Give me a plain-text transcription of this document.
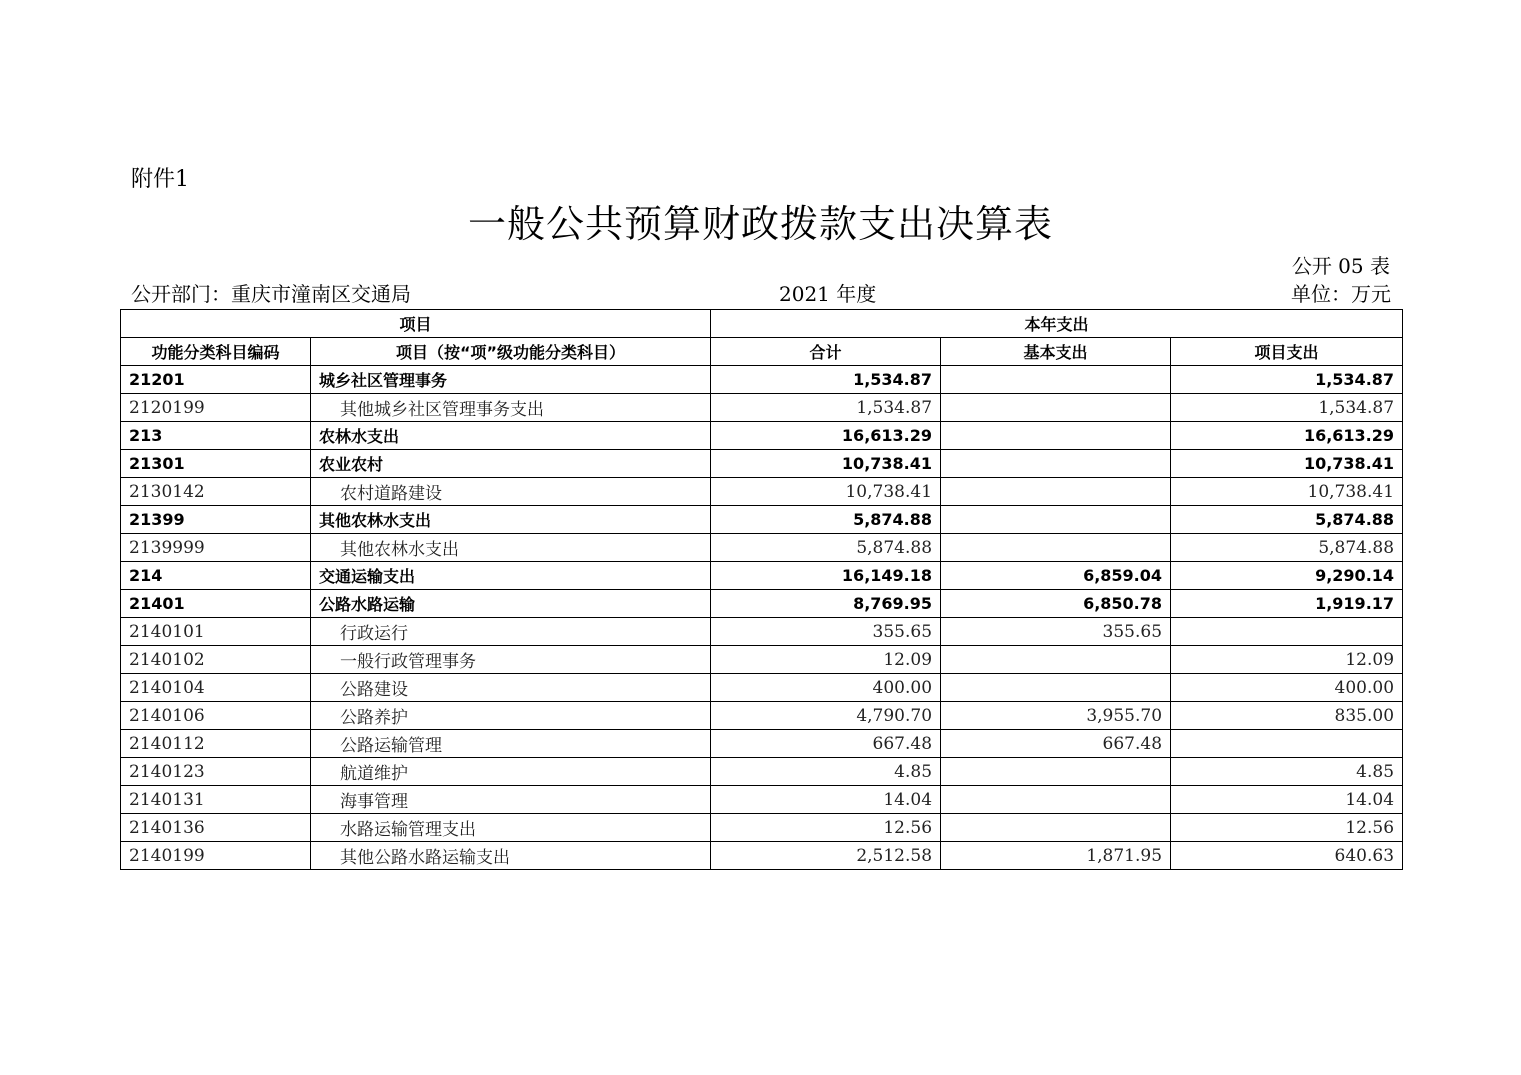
附件1
一般公共预算财政拨款支出决算表
公开 05 表
公开部门：重庆市潼南区交通局	2021 年度	单位：万元
项目		本年支出		
功能分类科目编码	项目（按“项”级功能分类科目）	合计	基本支出	项目支出
21201	城乡社区管理事务	1,534.87		1,534.87
2120199	其他城乡社区管理事务支出	1,534.87		1,534.87
213	农林水支出	16,613.29		16,613.29
21301	农业农村	10,738.41		10,738.41
2130142	农村道路建设	10,738.41		10,738.41
21399	其他农林水支出	5,874.88		5,874.88
2139999	其他农林水支出	5,874.88		5,874.88
214	交通运输支出	16,149.18	6,859.04	9,290.14
21401	公路水路运输	8,769.95	6,850.78	1,919.17
2140101	行政运行	355.65	355.65	
2140102	一般行政管理事务	12.09		12.09
2140104	公路建设	400.00		400.00
2140106	公路养护	4,790.70	3,955.70	835.00
2140112	公路运输管理	667.48	667.48	
2140123	航道维护	4.85		4.85
2140131	海事管理	14.04		14.04
2140136	水路运输管理支出	12.56		12.56
2140199	其他公路水路运输支出	2,512.58	1,871.95	640.63
